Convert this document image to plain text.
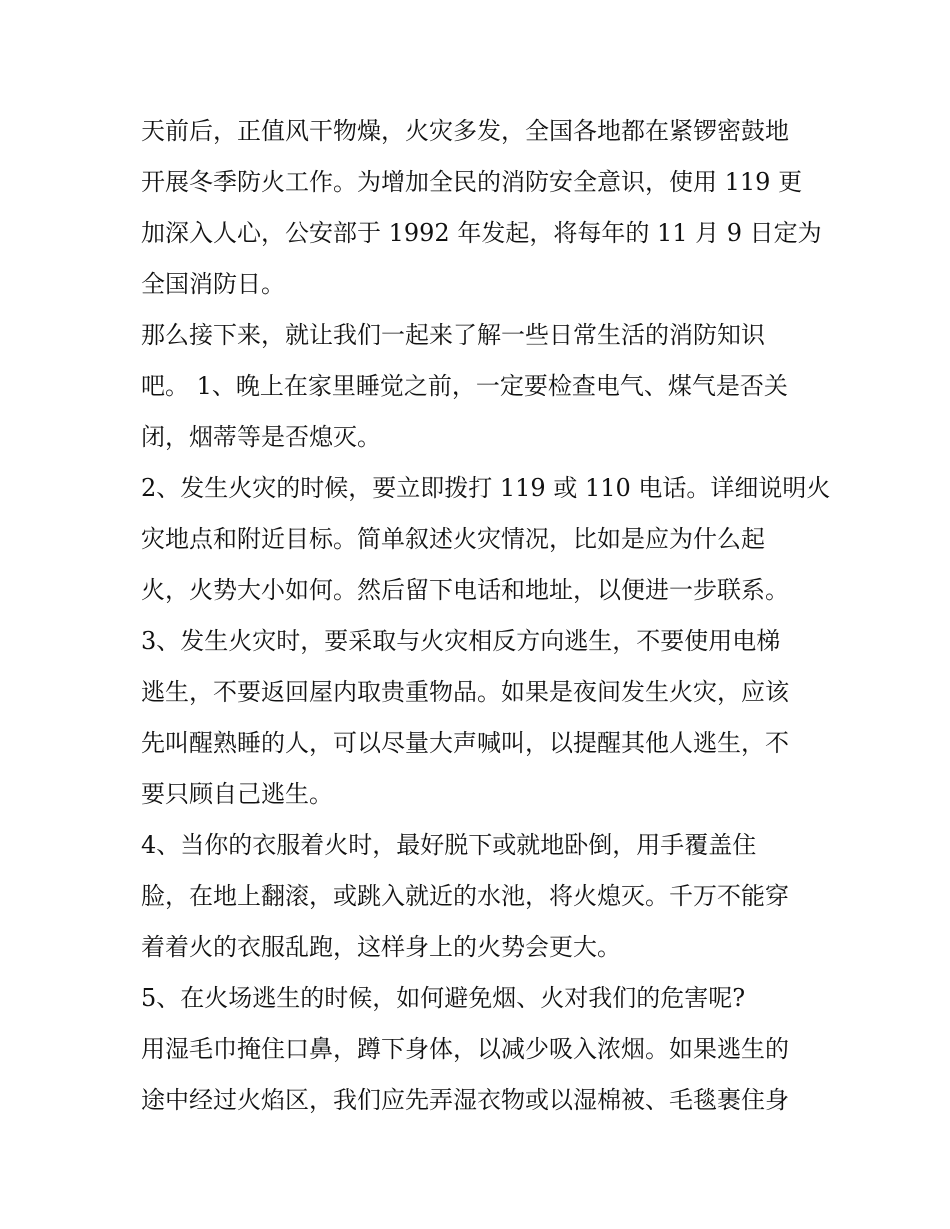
天前后，正值风干物燥，火灾多发，全国各地都在紧锣密鼓地
开展冬季防火工作。为增加全民的消防安全意识，使用 119 更
加深入人心，公安部于 1992 年发起，将每年的 11 月 9 日定为
全国消防日。
那么接下来，就让我们一起来了解一些日常生活的消防知识
吧。 1、晚上在家里睡觉之前，一定要检查电气、煤气是否关
闭，烟蒂等是否熄灭。
2、发生火灾的时候，要立即拨打 119 或 110 电话。详细说明火
灾地点和附近目标。简单叙述火灾情况，比如是应为什么起
火，火势大小如何。然后留下电话和地址，以便进一步联系。
3、发生火灾时，要采取与火灾相反方向逃生，不要使用电梯
逃生，不要返回屋内取贵重物品。如果是夜间发生火灾，应该
先叫醒熟睡的人，可以尽量大声喊叫，以提醒其他人逃生，不
要只顾自己逃生。
4、当你的衣服着火时，最好脱下或就地卧倒，用手覆盖住
脸，在地上翻滚，或跳入就近的水池，将火熄灭。千万不能穿
着着火的衣服乱跑，这样身上的火势会更大。
5、在火场逃生的时候，如何避免烟、火对我们的危害呢?
用湿毛巾掩住口鼻，蹲下身体，以减少吸入浓烟。如果逃生的
途中经过火焰区，我们应先弄湿衣物或以湿棉被、毛毯裹住身
